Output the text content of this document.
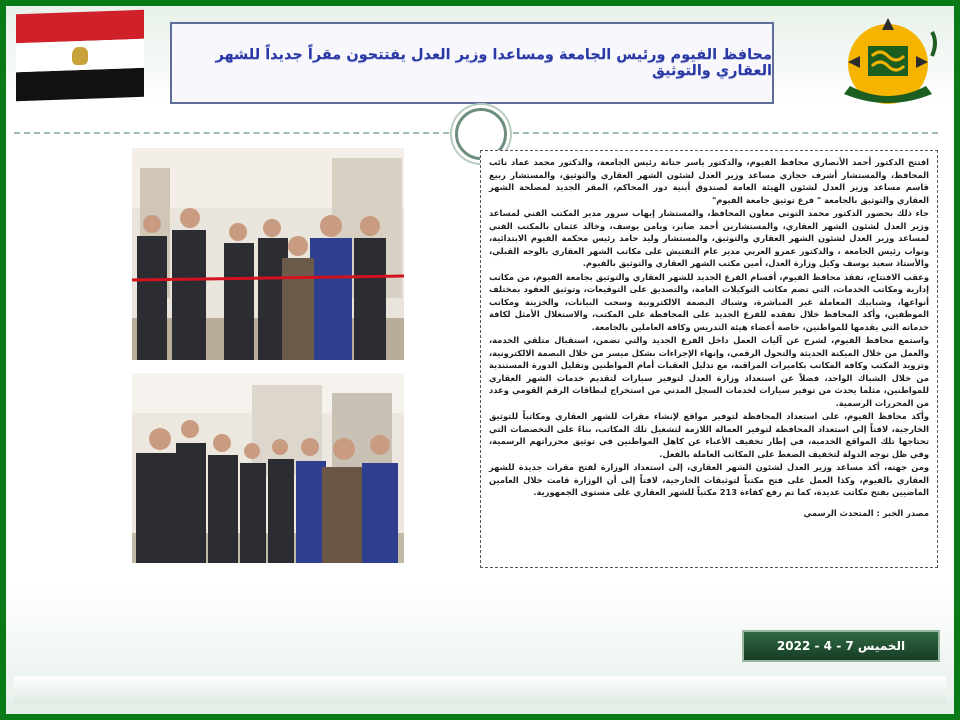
محافظ الفيوم ورئيس الجامعة ومساعدا وزير العدل يفتتحون مقراً جديداً للشهر العقاري والتوثيق

افتتح الدكتور أحمد الأنصاري محافظ الفيوم، والدكتور ياسر حتاتة رئيس الجامعة، والدكتور محمد عماد نائب المحافظ، والمستشار أشرف حجازي مساعد وزير العدل لشئون الشهر العقاري والتوثيق، والمستشار ربيع قاسم مساعد وزير العدل لشئون الهيئة العامة لصندوق أبنية دور المحاكم، المقر الجديد لمصلحة الشهر العقاري والتوثيق بالجامعة " فرع توثيق جامعة الفيوم"

جاء ذلك بحضور الدكتور محمد التوني معاون المحافظ، والمستشار إيهاب سرور مدير المكتب الفني لمساعد وزير العدل لشئون الشهر العقاري، والمستشارين أحمد صابر، ويامن يوسف، وخالد عثمان بالمكتب الفني لمساعد وزير العدل لشئون الشهر العقاري والتوثيق، والمستشار وليد حامد رئيس محكمة الفيوم الابتدائية، ونواب رئيس الجامعة ، والدكتور عمرو العربي مدير عام التفتيش على مكاتب الشهر العقاري بالوجه القبلي، والأستاذ سعيد يوسف وكيل وزارة العدل، أمين مكتب الشهر العقاري والتوثيق بالفيوم.

وعقب الافتتاح، تفقد محافظ الفيوم، أقسام الفرع الجديد للشهر العقاري والتوثيق بجامعة الفيوم، من مكاتب إدارية ومكاتب الخدمات، التي تضم مكاتب التوكيلات العامة، والتصديق على التوقيعات، وتوثيق العقود بمختلف أنواعها، وشبابيك المعاملة غير المباشرة، وشباك البصمة الالكترونية وسحب البيانات، والخزينة ومكاتب الموظفين، وأكد المحافظ خلال تفقده للفرع الجديد على المحافظة على المكتب، والاستغلال الأمثل لكافة خدماته التي يقدمها للمواطنين، خاصة أعضاء هيئة التدريس وكافة العاملين بالجامعة.

واستمع محافظ الفيوم، لشرح عن آليات العمل داخل الفرع الجديد والتي تضمن، استقبال متلقي الخدمة، والعمل من خلال الميكنة الحديثة والتحول الرقمي، وإنهاء الإجراءات بشكل ميسر من خلال البصمة الالكترونية، وتزويد المكتب وكافة المكاتب بكاميرات المراقبة، مع تذليل العقبات أمام المواطنين وتقليل الدورة المستندية من خلال الشباك الواحد، فضلاً عن استعداد وزارة العدل لتوفير سيارات لتقديم خدمات الشهر العقاري للمواطنين، مثلما يحدث من توفير سيارات لخدمات السجل المدني من استخراج لبطاقات الرقم القومي وعدد من المحررات الرسمية.

وأكد محافظ الفيوم، على استعداد المحافظة لتوفير مواقع لإنشاء مقرات للشهر العقاري ومكاتباً للتوثيق الخارجية، لافتاً إلى استعداد المحافظة لتوفير العمالة اللازمة لتشغيل تلك المكاتب، بناءً على التخصصات التي تحتاجها تلك المواقع الخدمية، في إطار تخفيف الأعباء عن كاهل المواطنين في توثيق محرراتهم الرسمية، وفي ظل توجه الدولة لتخفيف الضغط على المكاتب العاملة بالفعل.

ومن جهته، أكد مساعد وزير العدل لشئون الشهر العقاري، إلى استعداد الوزارة لفتح مقرات جديدة للشهر العقاري بالفيوم، وكذا العمل على فتح مكتباً لتوثيقات الخارجية، لافتاً إلى أن الوزارة قامت خلال العامين الماضيين بفتح مكاتب عديدة، كما تم رفع كفاءة 213 مكتباً للشهر العقاري على مستوى الجمهورية.

مصدر الخبر : المتحدث الرسمي

الخميس 7 - 4 - 2022
